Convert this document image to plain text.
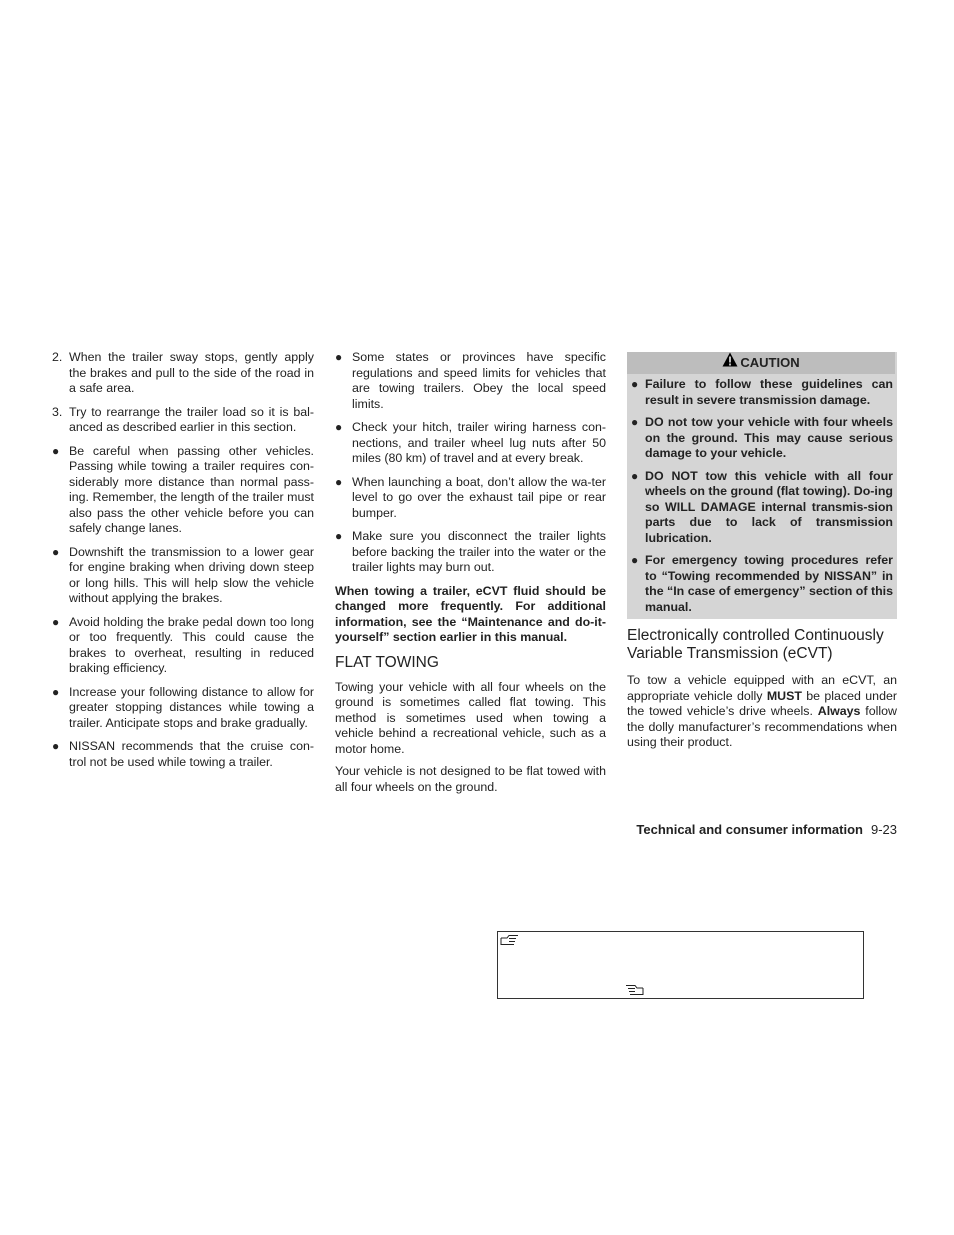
2. When the trailer sway stops, gently apply the brakes and pull to the side of the road in a safe area.
3. Try to rearrange the trailer load so it is bal-anced as described earlier in this section.
● Be careful when passing other vehicles. Passing while towing a trailer requires con-siderably more distance than normal pass-ing. Remember, the length of the trailer must also pass the other vehicle before you can safely change lanes.
● Downshift the transmission to a lower gear for engine braking when driving down steep or long hills. This will help slow the vehicle without applying the brakes.
● Avoid holding the brake pedal down too long or too frequently. This could cause the brakes to overheat, resulting in reduced braking efficiency.
● Increase your following distance to allow for greater stopping distances while towing a trailer. Anticipate stops and brake gradually.
● NISSAN recommends that the cruise con-trol not be used while towing a trailer.
● Some states or provinces have specific regulations and speed limits for vehicles that are towing trailers. Obey the local speed limits.
● Check your hitch, trailer wiring harness con-nections, and trailer wheel lug nuts after 50 miles (80 km) of travel and at every break.
● When launching a boat, don’t allow the wa-ter level to go over the exhaust tail pipe or rear bumper.
● Make sure you disconnect the trailer lights before backing the trailer into the water or the trailer lights may burn out.
When towing a trailer, eCVT fluid should be changed more frequently. For additional information, see the “Maintenance and do-it-yourself” section earlier in this manual.
FLAT TOWING
Towing your vehicle with all four wheels on the ground is sometimes called flat towing. This method is sometimes used when towing a vehicle behind a recreational vehicle, such as a motor home.
Your vehicle is not designed to be flat towed with all four wheels on the ground.
CAUTION
● Failure to follow these guidelines can result in severe transmission damage.
● DO not tow your vehicle with four wheels on the ground. This may cause serious damage to your vehicle.
● DO NOT tow this vehicle with all four wheels on the ground (flat towing). Do-ing so WILL DAMAGE internal transmis-sion parts due to lack of transmission lubrication.
● For emergency towing procedures refer to “Towing recommended by NISSAN” in the “In case of emergency” section of this manual.
Electronically controlled Continuously Variable Transmission (eCVT)
To tow a vehicle equipped with an eCVT, an appropriate vehicle dolly MUST be placed under the towed vehicle’s drive wheels. Always follow the dolly manufacturer’s recommendations when using their product.
Technical and consumer information 9-23
